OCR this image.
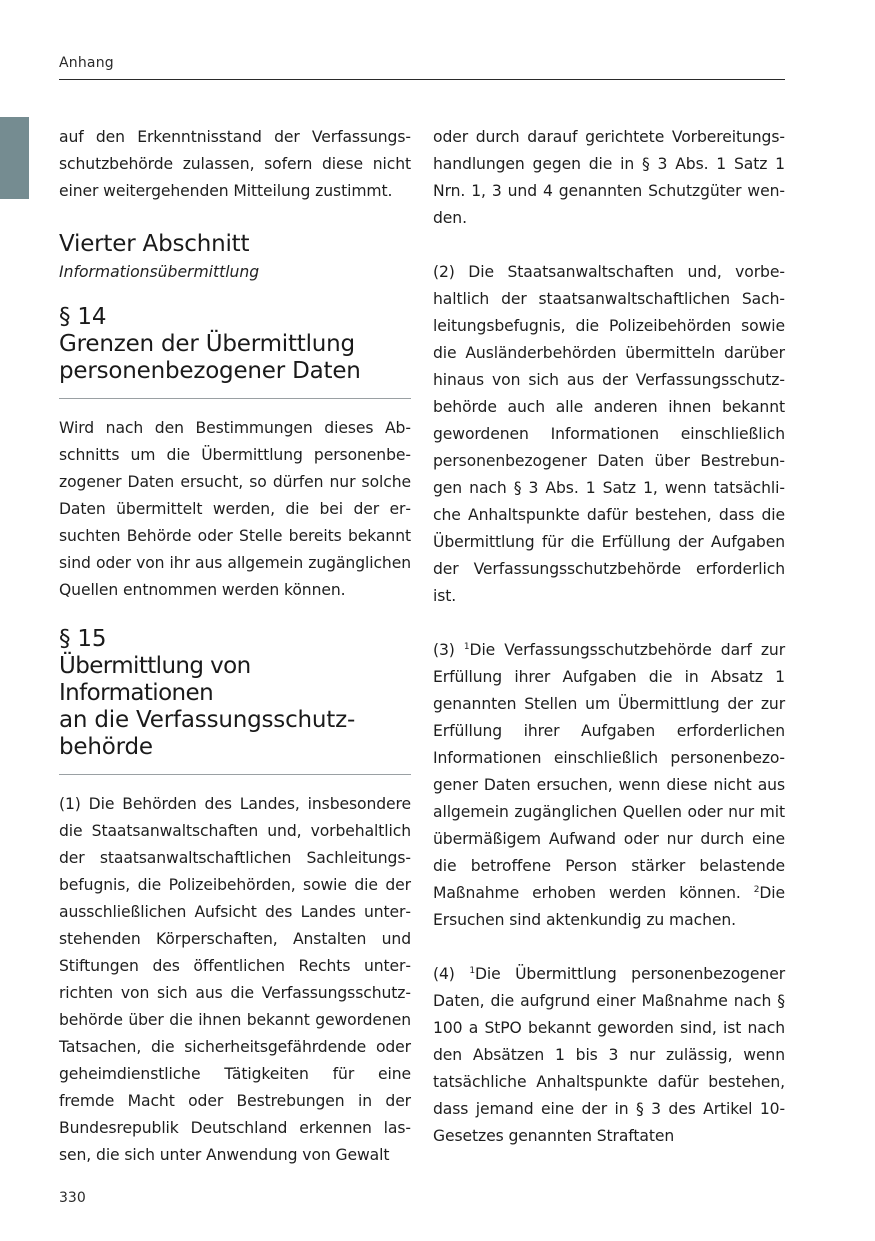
Anhang

auf den Erkenntnisstand der Verfassungsschutzbehörde zulassen, sofern diese nicht einer weitergehenden Mitteilung zustimmt.

Vierter Abschnitt

Informationsübermittlung

§ 14
Grenzen der Übermittlung
personenbezogener Daten

Wird nach den Bestimmungen dieses Abschnitts um die Übermittlung personenbezogener Daten ersucht, so dürfen nur solche Daten übermittelt werden, die bei der ersuchten Behörde oder Stelle bereits bekannt sind oder von ihr aus allgemein zugänglichen Quellen entnommen werden können.

§ 15
Übermittlung von Informationen
an die Verfassungsschutz-
behörde

(1) Die Behörden des Landes, insbesondere die Staatsanwaltschaften und, vorbehaltlich der staatsanwaltschaftlichen Sachleitungsbefugnis, die Polizeibehörden, sowie die der ausschließlichen Aufsicht des Landes unterstehenden Körperschaften, Anstalten und Stiftungen des öffentlichen Rechts unterrichten von sich aus die Verfassungsschutzbehörde über die ihnen bekannt gewordenen Tatsachen, die sicherheitsgefährdende oder geheimdienstliche Tätigkeiten für eine fremde Macht oder Bestrebungen in der Bundesrepublik Deutschland erkennen lassen, die sich unter Anwendung von Gewalt

oder durch darauf gerichtete Vorbereitungshandlungen gegen die in § 3 Abs. 1 Satz 1 Nrn. 1, 3 und 4 genannten Schutzgüter wenden.

(2) Die Staatsanwaltschaften und, vorbehaltlich der staatsanwaltschaftlichen Sachleitungsbefugnis, die Polizeibehörden sowie die Ausländerbehörden übermitteln darüber hinaus von sich aus der Verfassungsschutzbehörde auch alle anderen ihnen bekannt gewordenen Informationen einschließlich personenbezogener Daten über Bestrebungen nach § 3 Abs. 1 Satz 1, wenn tatsächliche Anhaltspunkte dafür bestehen, dass die Übermittlung für die Erfüllung der Aufgaben der Verfassungsschutzbehörde erforderlich ist.

(3) $^1$Die Verfassungsschutzbehörde darf zur Erfüllung ihrer Aufgaben die in Absatz 1 genannten Stellen um Übermittlung der zur Erfüllung ihrer Aufgaben erforderlichen Informationen einschließlich personenbezogener Daten ersuchen, wenn diese nicht aus allgemein zugänglichen Quellen oder nur mit übermäßigem Aufwand oder nur durch eine die betroffene Person stärker belastende Maßnahme erhoben werden können. $^2$Die Ersuchen sind aktenkundig zu machen.

(4) $^1$Die Übermittlung personenbezogener Daten, die aufgrund einer Maßnahme nach § 100 a StPO bekannt geworden sind, ist nach den Absätzen 1 bis 3 nur zulässig, wenn tatsächliche Anhaltspunkte dafür bestehen, dass jemand eine der in § 3 des Artikel 10-Gesetzes genannten Straftaten

330
